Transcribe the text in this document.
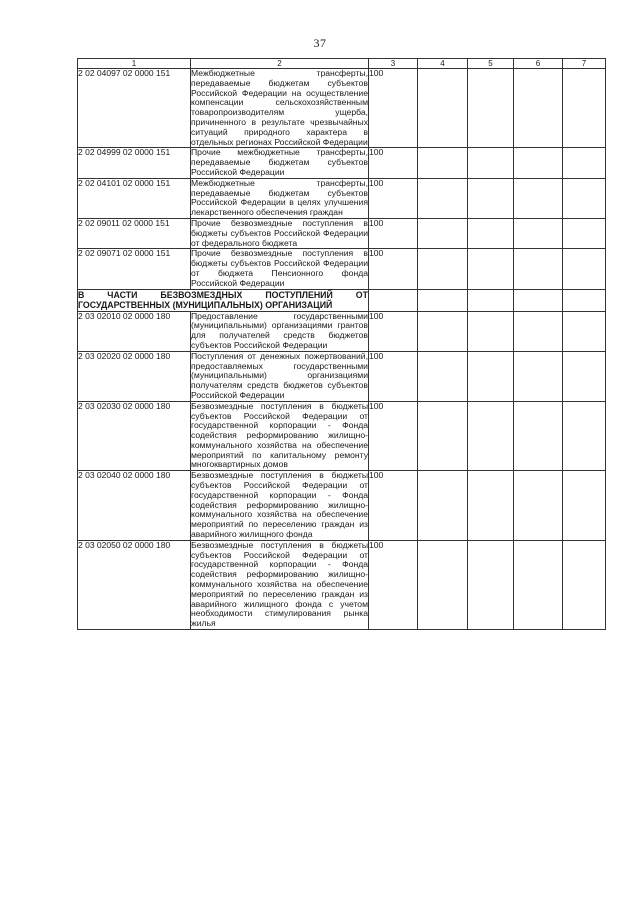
37
1	2	3	4	5	6	7
2 02 04097 02 0000 151	Межбюджетные трансферты, передаваемые бюджетам субъектов Российской Федерации на осуществление компенсации сельскохозяйственным товаропроизводителям ущерба, причиненного в результате чрезвычайных ситуаций природного характера в отдельных регионах Российской Федерации	100				
2 02 04999 02 0000 151	Прочие межбюджетные трансферты, передаваемые бюджетам субъектов Российской Федерации	100				
2 02 04101 02 0000 151	Межбюджетные трансферты, передаваемые бюджетам субъектов Российской Федерации в целях улучшения лекарственного обеспечения граждан	100				
2 02 09011 02 0000 151	Прочие безвозмездные поступления в бюджеты субъектов Российской Федерации от федерального бюджета	100				
2 02 09071 02 0000 151	Прочие безвозмездные поступления в бюджеты субъектов Российской Федерации от бюджета Пенсионного фонда Российской Федерации	100				
В ЧАСТИ БЕЗВОЗМЕЗДНЫХ ПОСТУПЛЕНИЙ ОТ ГОСУДАРСТВЕННЫХ (МУНИЦИПАЛЬНЫХ) ОРГАНИЗАЦИЙ						
2 03 02010 02 0000 180	Предоставление государственными (муниципальными) организациями грантов для получателей средств бюджетов субъектов Российской Федерации	100				
2 03 02020 02 0000 180	Поступления от денежных пожертвований, предоставляемых государственными (муниципальными) организациями получателям средств бюджетов субъектов Российской Федерации	100				
2 03 02030 02 0000 180	Безвозмездные поступления в бюджеты субъектов Российской Федерации от государственной корпорации - Фонда содействия реформированию жилищно-коммунального хозяйства на обеспечение мероприятий по капитальному ремонту многоквартирных домов	100				
2 03 02040 02 0000 180	Безвозмездные поступления в бюджеты субъектов Российской Федерации от государственной корпорации - Фонда содействия реформированию жилищно-коммунального хозяйства на обеспечение мероприятий по переселению граждан из аварийного жилищного фонда	100				
2 03 02050 02 0000 180	Безвозмездные поступления в бюджеты субъектов Российской Федерации от государственной корпорации - Фонда содействия реформированию жилищно-коммунального хозяйства на обеспечение мероприятий по переселению граждан из аварийного жилищного фонда с учетом необходимости стимулирования рынка жилья	100				
